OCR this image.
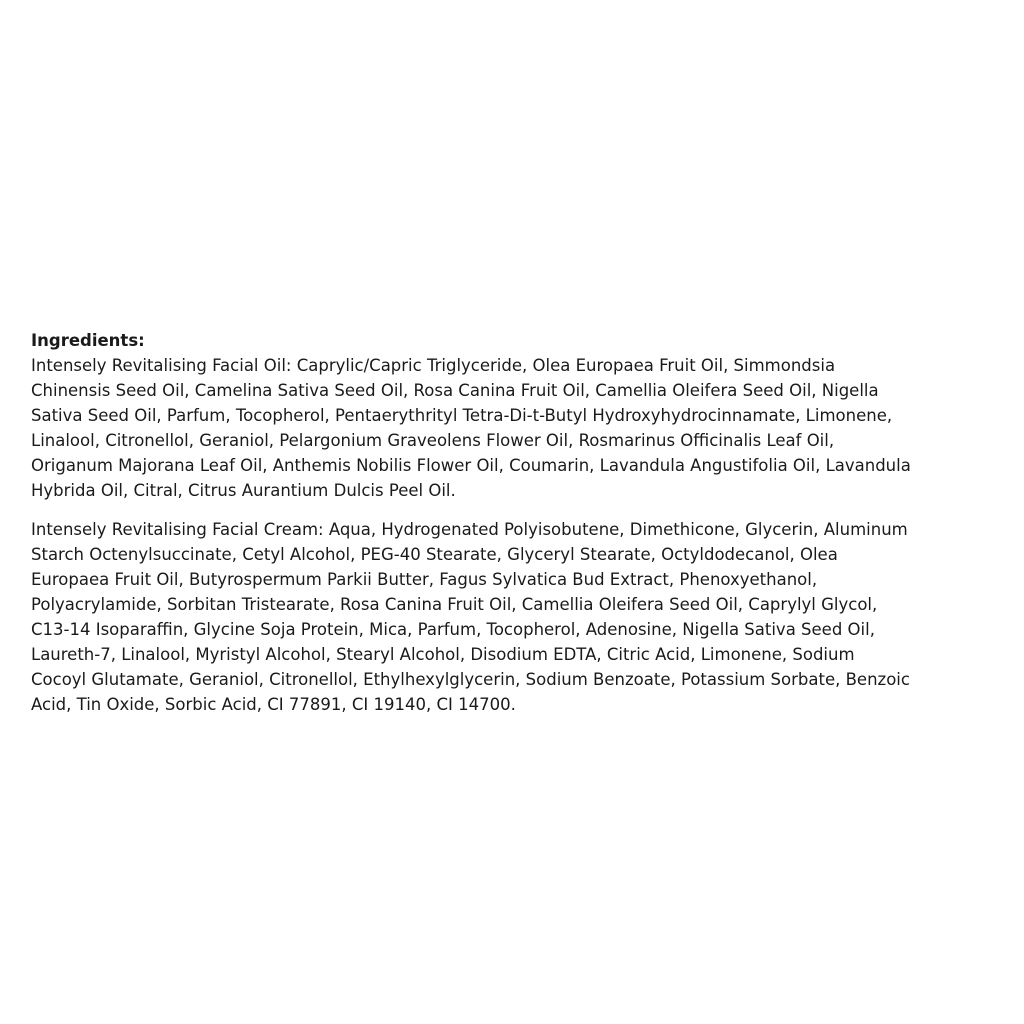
Ingredients:
Intensely Revitalising Facial Oil: Caprylic/Capric Triglyceride, Olea Europaea Fruit Oil, Simmondsia
Chinensis Seed Oil, Camelina Sativa Seed Oil, Rosa Canina Fruit Oil, Camellia Oleifera Seed Oil, Nigella
Sativa Seed Oil, Parfum, Tocopherol, Pentaerythrityl Tetra-Di-t-Butyl Hydroxyhydrocinnamate, Limonene,
Linalool, Citronellol, Geraniol, Pelargonium Graveolens Flower Oil, Rosmarinus Officinalis Leaf Oil,
Origanum Majorana Leaf Oil, Anthemis Nobilis Flower Oil, Coumarin, Lavandula Angustifolia Oil, Lavandula
Hybrida Oil, Citral, Citrus Aurantium Dulcis Peel Oil.
Intensely Revitalising Facial Cream: Aqua, Hydrogenated Polyisobutene, Dimethicone, Glycerin, Aluminum
Starch Octenylsuccinate, Cetyl Alcohol, PEG-40 Stearate, Glyceryl Stearate, Octyldodecanol, Olea
Europaea Fruit Oil, Butyrospermum Parkii Butter, Fagus Sylvatica Bud Extract, Phenoxyethanol,
Polyacrylamide, Sorbitan Tristearate, Rosa Canina Fruit Oil, Camellia Oleifera Seed Oil, Caprylyl Glycol,
C13-14 Isoparaffin, Glycine Soja Protein, Mica, Parfum, Tocopherol, Adenosine, Nigella Sativa Seed Oil,
Laureth-7, Linalool, Myristyl Alcohol, Stearyl Alcohol, Disodium EDTA, Citric Acid, Limonene, Sodium
Cocoyl Glutamate, Geraniol, Citronellol, Ethylhexylglycerin, Sodium Benzoate, Potassium Sorbate, Benzoic
Acid, Tin Oxide, Sorbic Acid, CI 77891, CI 19140, CI 14700.
